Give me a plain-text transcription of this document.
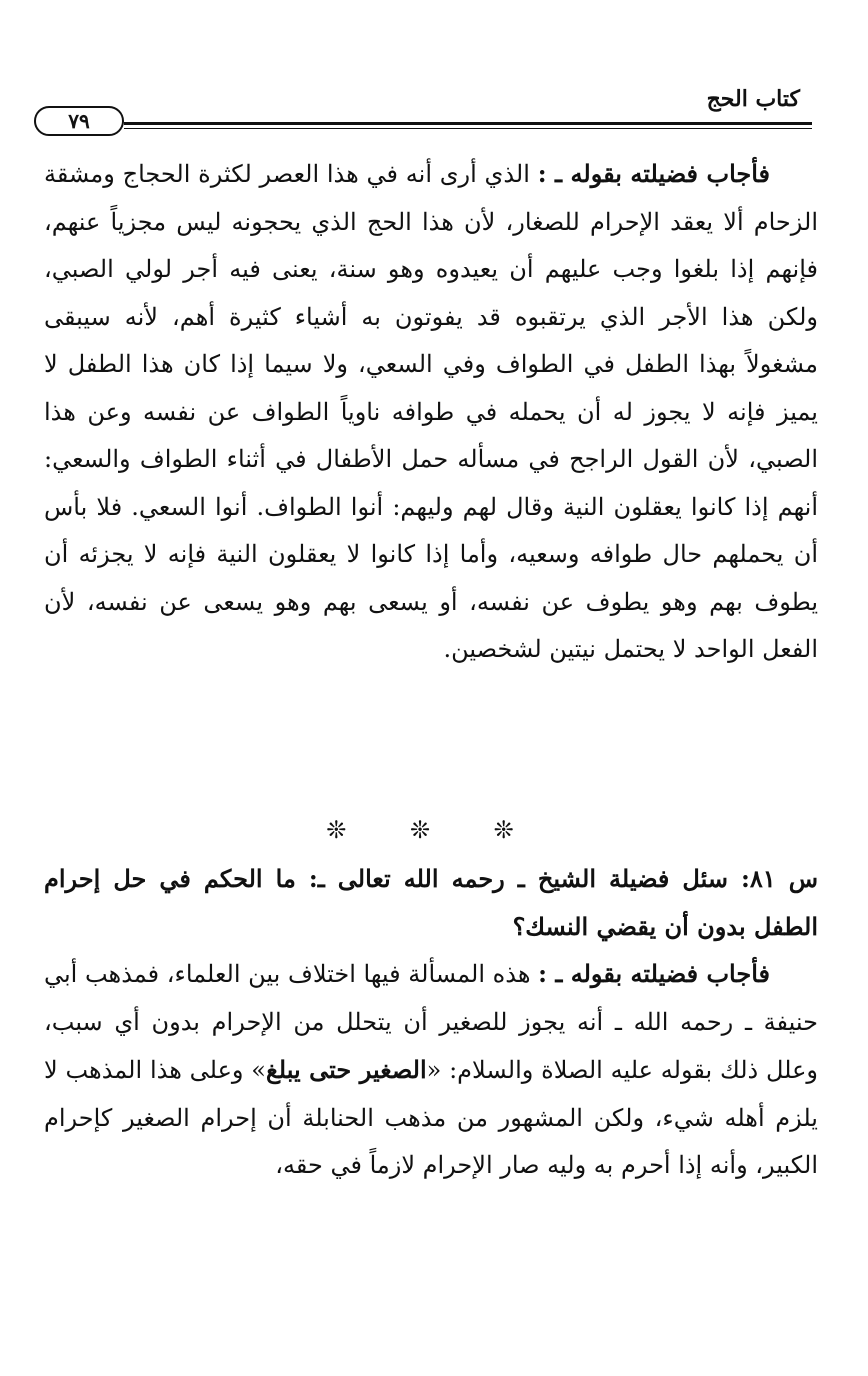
كتاب الحج
٧٩

فأجاب فضيلته بقوله ـ : الذي أرى أنه في هذا العصر لكثرة الحجاج ومشقة الزحام ألا يعقد الإحرام للصغار، لأن هذا الحج الذي يحجونه ليس مجزياً عنهم، فإنهم إذا بلغوا وجب عليهم أن يعيدوه وهو سنة، يعنى فيه أجر لولي الصبي، ولكن هذا الأجر الذي يرتقبوه قد يفوتون به أشياء كثيرة أهم، لأنه سيبقى مشغولاً بهذا الطفل في الطواف وفي السعي، ولا سيما إذا كان هذا الطفل لا يميز فإنه لا يجوز له أن يحمله في طوافه ناوياً الطواف عن نفسه وعن هذا الصبي، لأن القول الراجح في مسأله حمل الأطفال في أثناء الطواف والسعي: أنهم إذا كانوا يعقلون النية وقال لهم وليهم: أنوا الطواف. أنوا السعي. فلا بأس أن يحملهم حال طوافه وسعيه، وأما إذا كانوا لا يعقلون النية فإنه لا يجزئه أن يطوف بهم وهو يطوف عن نفسه، أو يسعى بهم وهو يسعى عن نفسه، لأن الفعل الواحد لا يحتمل نيتين لشخصين.

❊ ❊ ❊

س ٨١: سئل فضيلة الشيخ ـ رحمه الله تعالى ـ: ما الحكم في حل إحرام الطفل بدون أن يقضي النسك؟

فأجاب فضيلته بقوله ـ : هذه المسألة فيها اختلاف بين العلماء، فمذهب أبي حنيفة ـ رحمه الله ـ أنه يجوز للصغير أن يتحلل من الإحرام بدون أي سبب، وعلل ذلك بقوله عليه الصلاة والسلام: «الصغير حتى يبلغ» وعلى هذا المذهب لا يلزم أهله شيء، ولكن المشهور من مذهب الحنابلة أن إحرام الصغير كإحرام الكبير، وأنه إذا أحرم به وليه صار الإحرام لازماً في حقه،
